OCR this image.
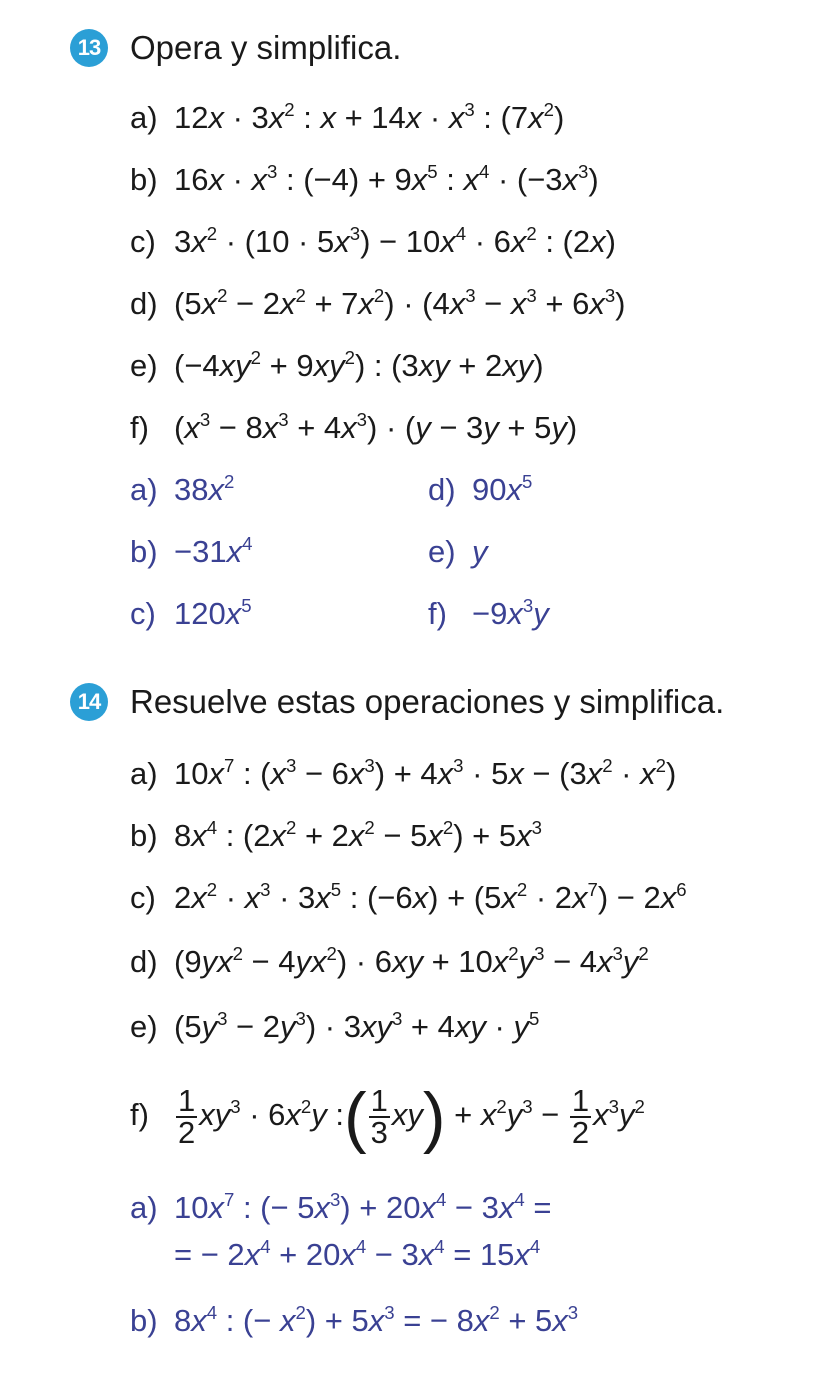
13 Opera y simplifica.
a) $12x \cdot 3x^2$ : $x + 14x \cdot x^3$ : $(7x^2)$
b) $16x \cdot x^3$ : $(-4) + 9x^5$ : $x^4 \cdot (-3x^3)$
c) $3x^2 \cdot (10 \cdot 5x^3) - 10x^4 \cdot 6x^2$ : (2x)
d) $(5x^2 - 2x^2 + 7x^2) \cdot (4x^3 - x^3 + 6x^3)$
e) $(-4xy^2 + 9xy^2)$ : (3xy + 2xy)
f) $(x^3 - 8x^3 + 4x^3) \cdot (y - 3y + 5y)$
a) $38x^2$
$b) -31x^4$
c) $120x^5$
d) $90x^5$
e) y
$f) -9x^3y$
14 Resuelve estas operaciones y simplifica.
a) $10x^7$ : $(x^3 - 6x^3) + 4x^3 \cdot 5x - (3x^2 \cdot x^2)$
b) $8x^4$ : $(2x^2 + 2x^2 - 5x^2) + 5x^3$
c) $2x^2 \cdot x^3 \cdot 3x^5$ : $(-6x) + (5x^2 \cdot 2x^7) - 2x^6$
d) $(9yx^2 - 4yx^2) \cdot 6xy + 10x^2y^3 - 4x^3y^2$
e) $(5y^3 - 2y^3) \cdot 3xy^3 + 4xy \cdot y^5$
$f) \frac{1}{2} xy^3 \cdot 6x^2y$ :( $\frac{1}{3} xy) + x^2y^3 - \frac{1}{2} x^3y^2$
a) $10x^7$ : (− $5x^3) + 20x^4 - 3x^4$ =
= − $2x^4 + 20x^4 - 3x^4 = 15x^4$
b) $8x^4$ : (− $x^2) + 5x^3$ = − $8x^2 + 5x^3$
